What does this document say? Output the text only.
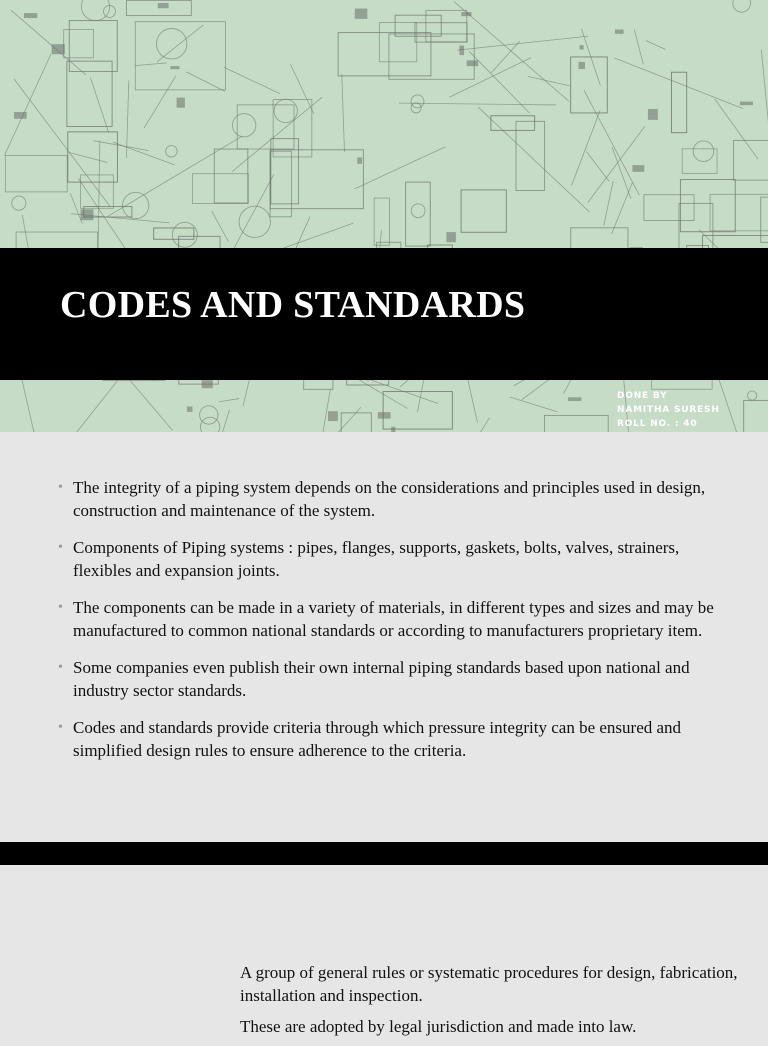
CODES AND STANDARDS
DONE BY
NAMITHA SURESH
ROLL NO. : 40
• The integrity of a piping system depends on the considerations and principles used in design, construction and maintenance of the system.
• Components of Piping systems : pipes, flanges, supports, gaskets, bolts, valves, strainers, flexibles and expansion joints.
• The components can be made in a variety of materials, in different types and sizes and may be manufactured to common national standards or according to manufacturers proprietary item.
• Some companies even publish their own internal piping standards based upon national and industry sector standards.
• Codes and standards provide criteria through which pressure integrity can be ensured and simplified design rules to ensure adherence to the criteria.

A group of general rules or systematic procedures for design, fabrication, installation and inspection.

These are adopted by legal jurisdiction and made into law.
